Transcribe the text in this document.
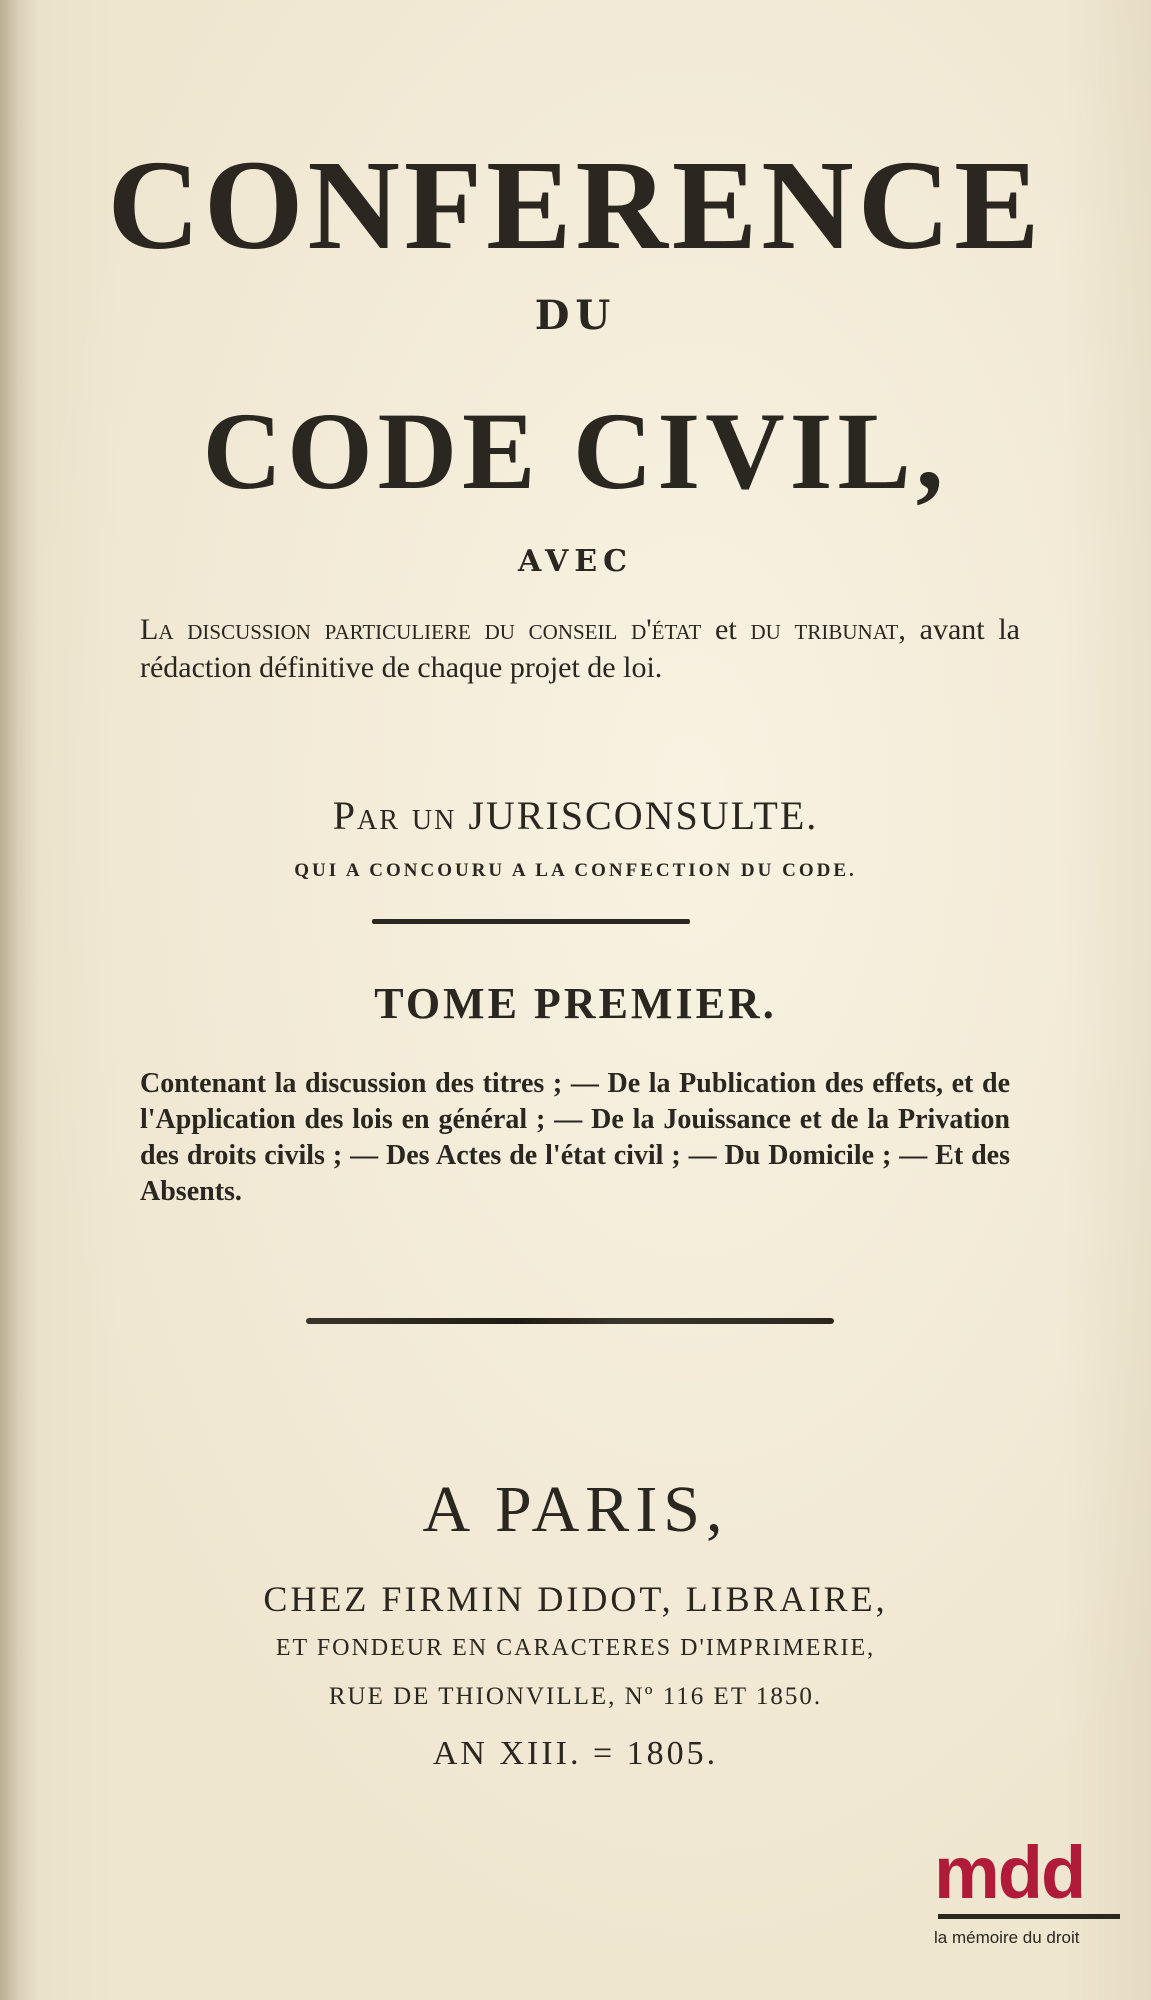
CONFERENCE
DU
CODE CIVIL,
AVEC
La discussion particuliere du conseil d'état et du tribunat, avant la rédaction définitive de chaque projet de loi.
Par un JURISCONSULTE.
QUI A CONCOURU A LA CONFECTION DU CODE.
TOME PREMIER.
Contenant la discussion des titres ; — De la Publication des effets, et de l'Application des lois en général ; — De la Jouissance et de la Privation des droits civils ; — Des Actes de l'état civil ; — Du Domicile ; — Et des Absents.
A PARIS,
CHEZ FIRMIN DIDOT, LIBRAIRE,
ET FONDEUR EN CARACTERES D'IMPRIMERIE,
RUE DE THIONVILLE, Nº 116 ET 1850.
AN XIII. = 1805.
mdd
la mémoire du droit
